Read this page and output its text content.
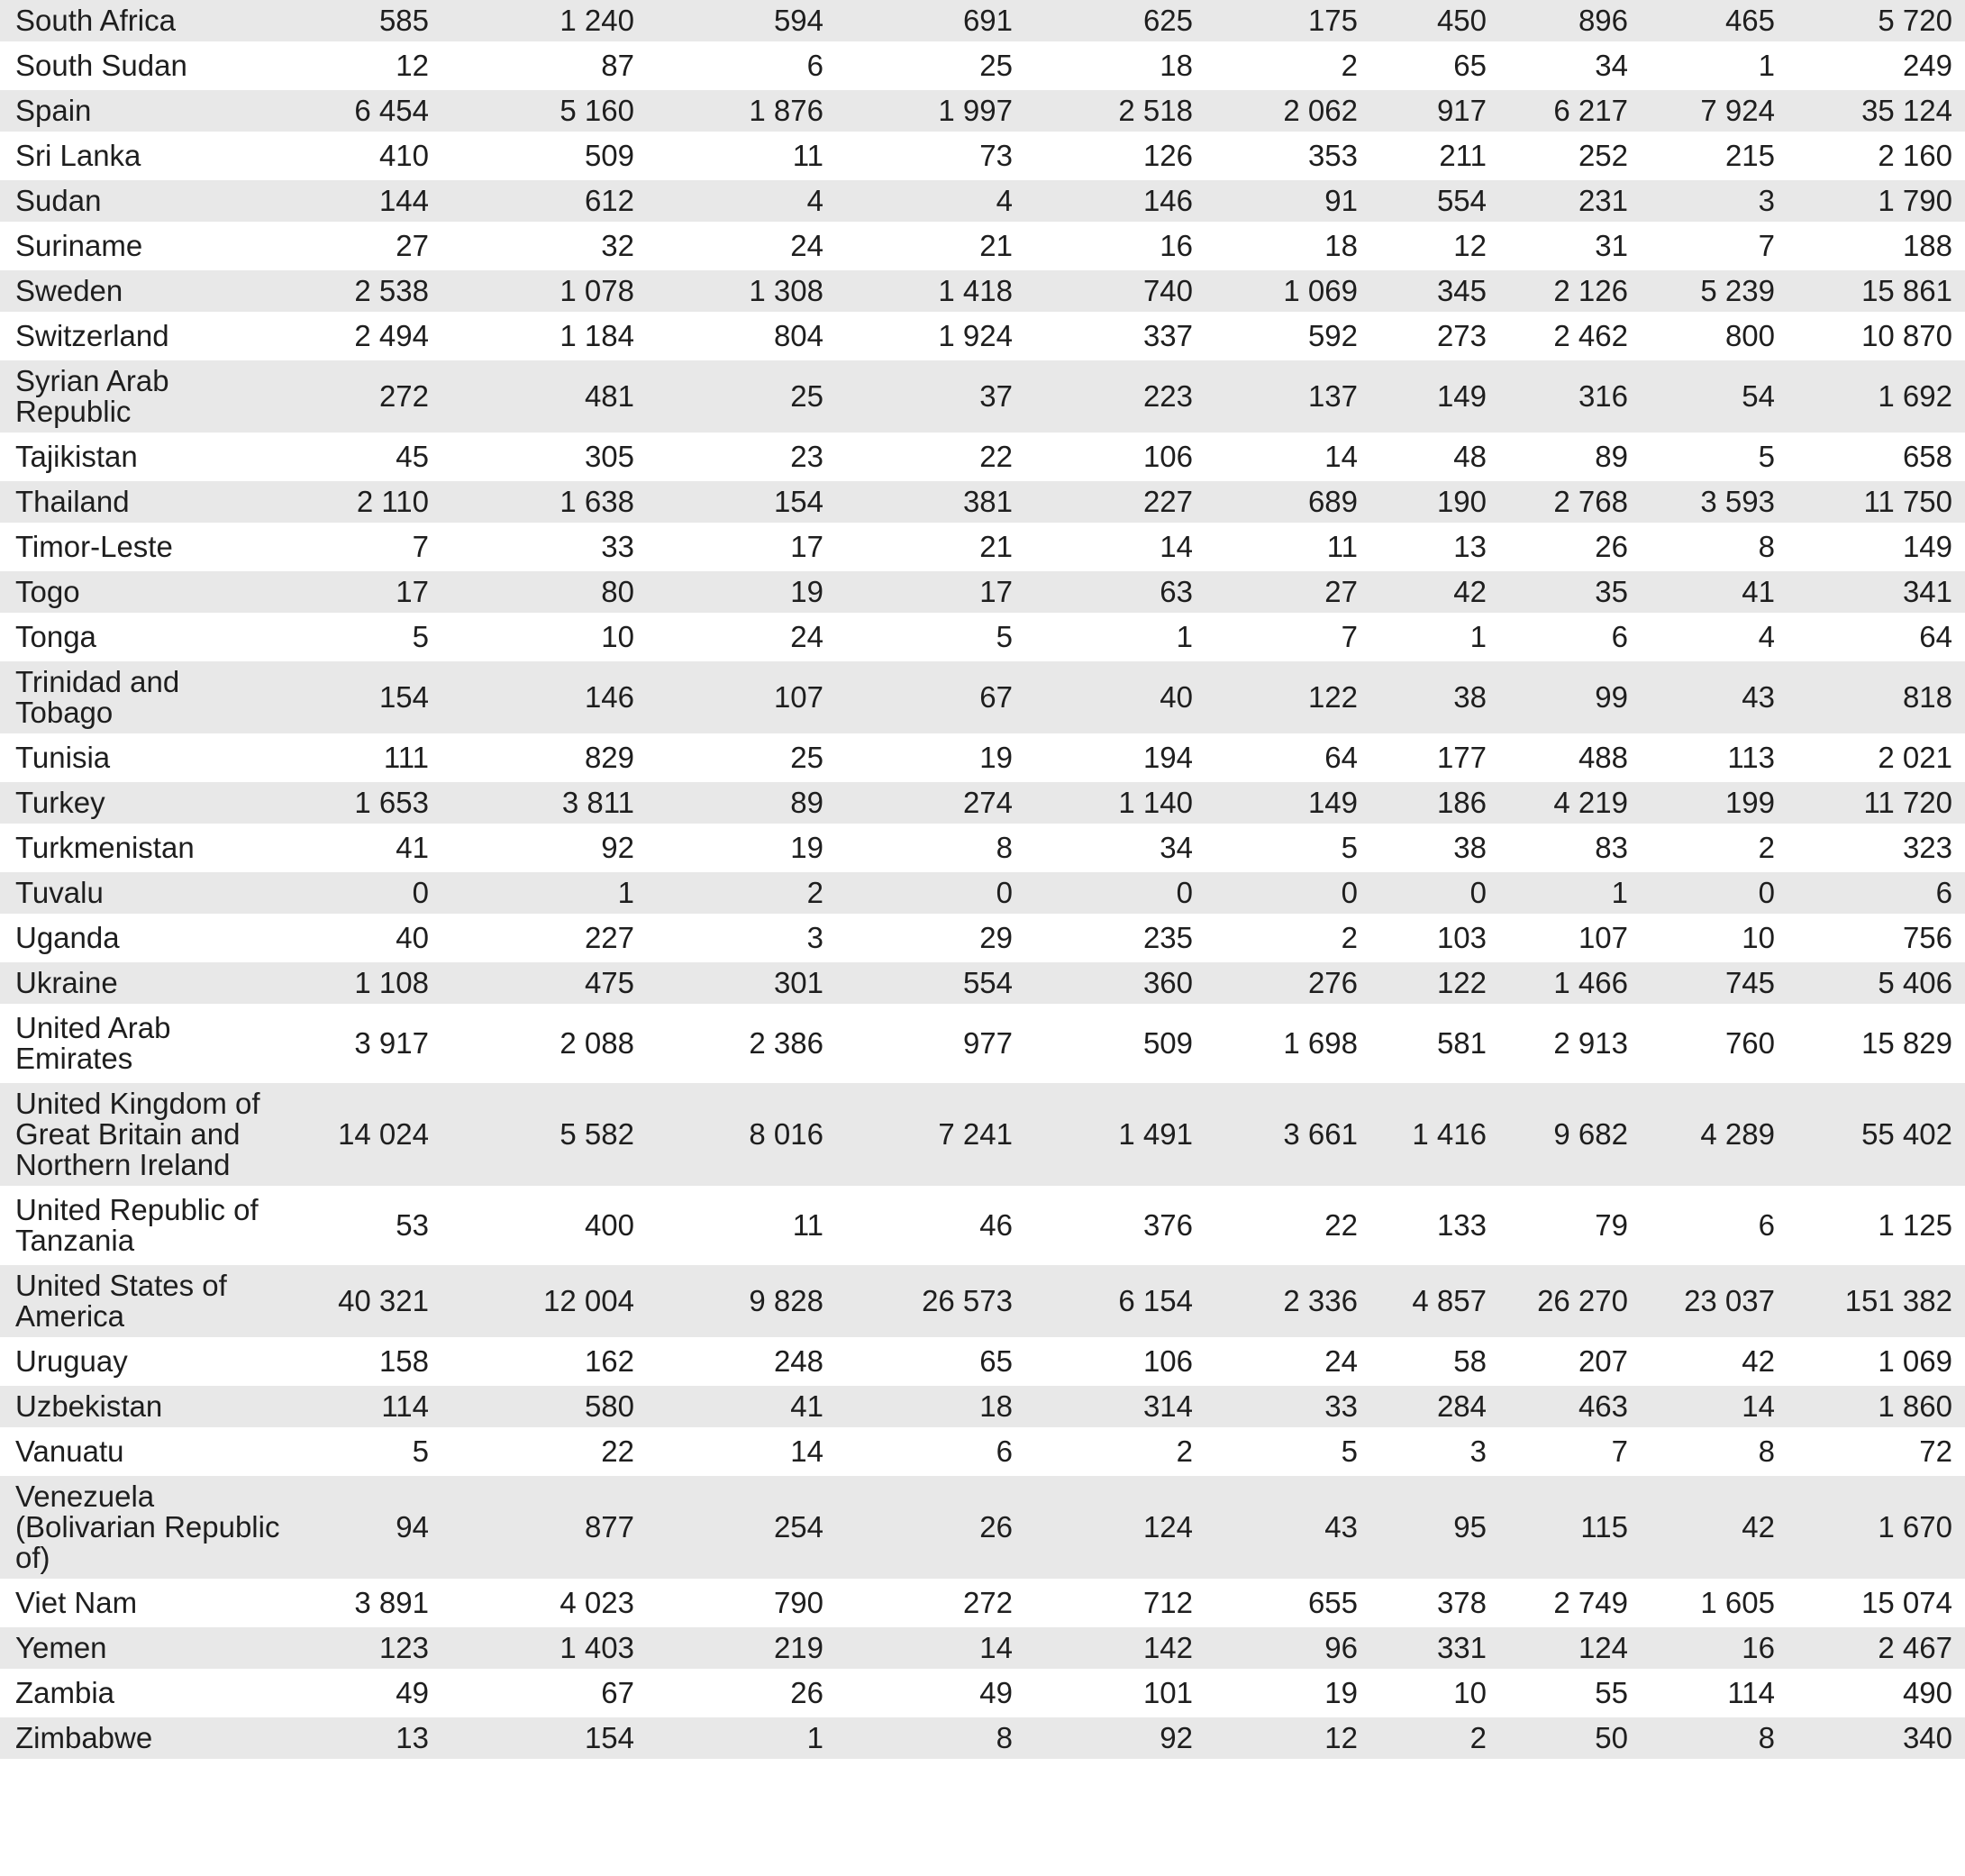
South Africa	585	1 240	594	691	625	175	450	896	465	5 720
South Sudan	12	87	6	25	18	2	65	34	1	249
Spain	6 454	5 160	1 876	1 997	2 518	2 062	917	6 217	7 924	35 124
Sri Lanka	410	509	11	73	126	353	211	252	215	2 160
Sudan	144	612	4	4	146	91	554	231	3	1 790
Suriname	27	32	24	21	16	18	12	31	7	188
Sweden	2 538	1 078	1 308	1 418	740	1 069	345	2 126	5 239	15 861
Switzerland	2 494	1 184	804	1 924	337	592	273	2 462	800	10 870
Syrian Arab Republic	272	481	25	37	223	137	149	316	54	1 692
Tajikistan	45	305	23	22	106	14	48	89	5	658
Thailand	2 110	1 638	154	381	227	689	190	2 768	3 593	11 750
Timor-Leste	7	33	17	21	14	11	13	26	8	149
Togo	17	80	19	17	63	27	42	35	41	341
Tonga	5	10	24	5	1	7	1	6	4	64
Trinidad and Tobago	154	146	107	67	40	122	38	99	43	818
Tunisia	111	829	25	19	194	64	177	488	113	2 021
Turkey	1 653	3 811	89	274	1 140	149	186	4 219	199	11 720
Turkmenistan	41	92	19	8	34	5	38	83	2	323
Tuvalu	0	1	2	0	0	0	0	1	0	6
Uganda	40	227	3	29	235	2	103	107	10	756
Ukraine	1 108	475	301	554	360	276	122	1 466	745	5 406
United Arab Emirates	3 917	2 088	2 386	977	509	1 698	581	2 913	760	15 829
United Kingdom of Great Britain and Northern Ireland	14 024	5 582	8 016	7 241	1 491	3 661	1 416	9 682	4 289	55 402
United Republic of Tanzania	53	400	11	46	376	22	133	79	6	1 125
United States of America	40 321	12 004	9 828	26 573	6 154	2 336	4 857	26 270	23 037	151 382
Uruguay	158	162	248	65	106	24	58	207	42	1 069
Uzbekistan	114	580	41	18	314	33	284	463	14	1 860
Vanuatu	5	22	14	6	2	5	3	7	8	72
Venezuela (Bolivarian Republic of)	94	877	254	26	124	43	95	115	42	1 670
Viet Nam	3 891	4 023	790	272	712	655	378	2 749	1 605	15 074
Yemen	123	1 403	219	14	142	96	331	124	16	2 467
Zambia	49	67	26	49	101	19	10	55	114	490
Zimbabwe	13	154	1	8	92	12	2	50	8	340
